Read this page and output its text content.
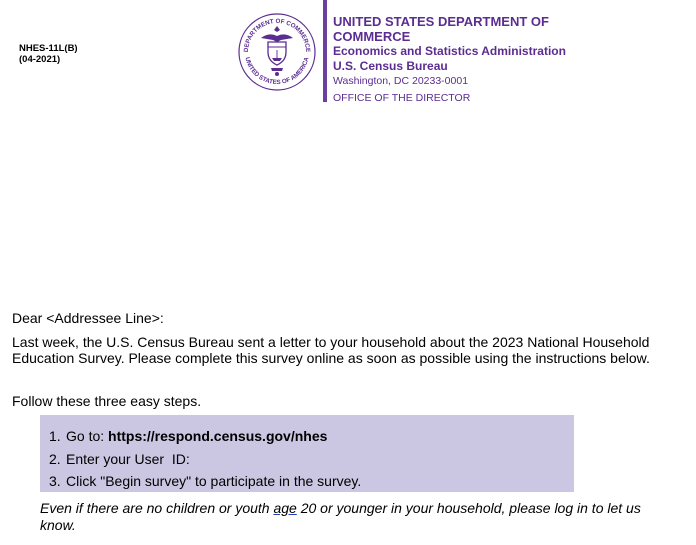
NHES-11L(B)
(04-2021)
DEPARTMENT OF COMMERCE
UNITED STATES OF AMERICA
UNITED STATES DEPARTMENT OF
COMMERCE
Economics and Statistics Administration
U.S. Census Bureau
Washington, DC 20233-0001
OFFICE OF THE DIRECTOR
Dear <Addressee Line>:
Last week, the U.S. Census Bureau sent a letter to your household about the 2023 National Household Education Survey. Please complete this survey online as soon as possible using the instructions below.
Follow these three easy steps.
1. Go to: https://respond.census.gov/nhes
2. Enter your User  ID:
3. Click "Begin survey" to participate in the survey.
Even if there are no children or youth age 20 or younger in your household, please log in to let us know.
